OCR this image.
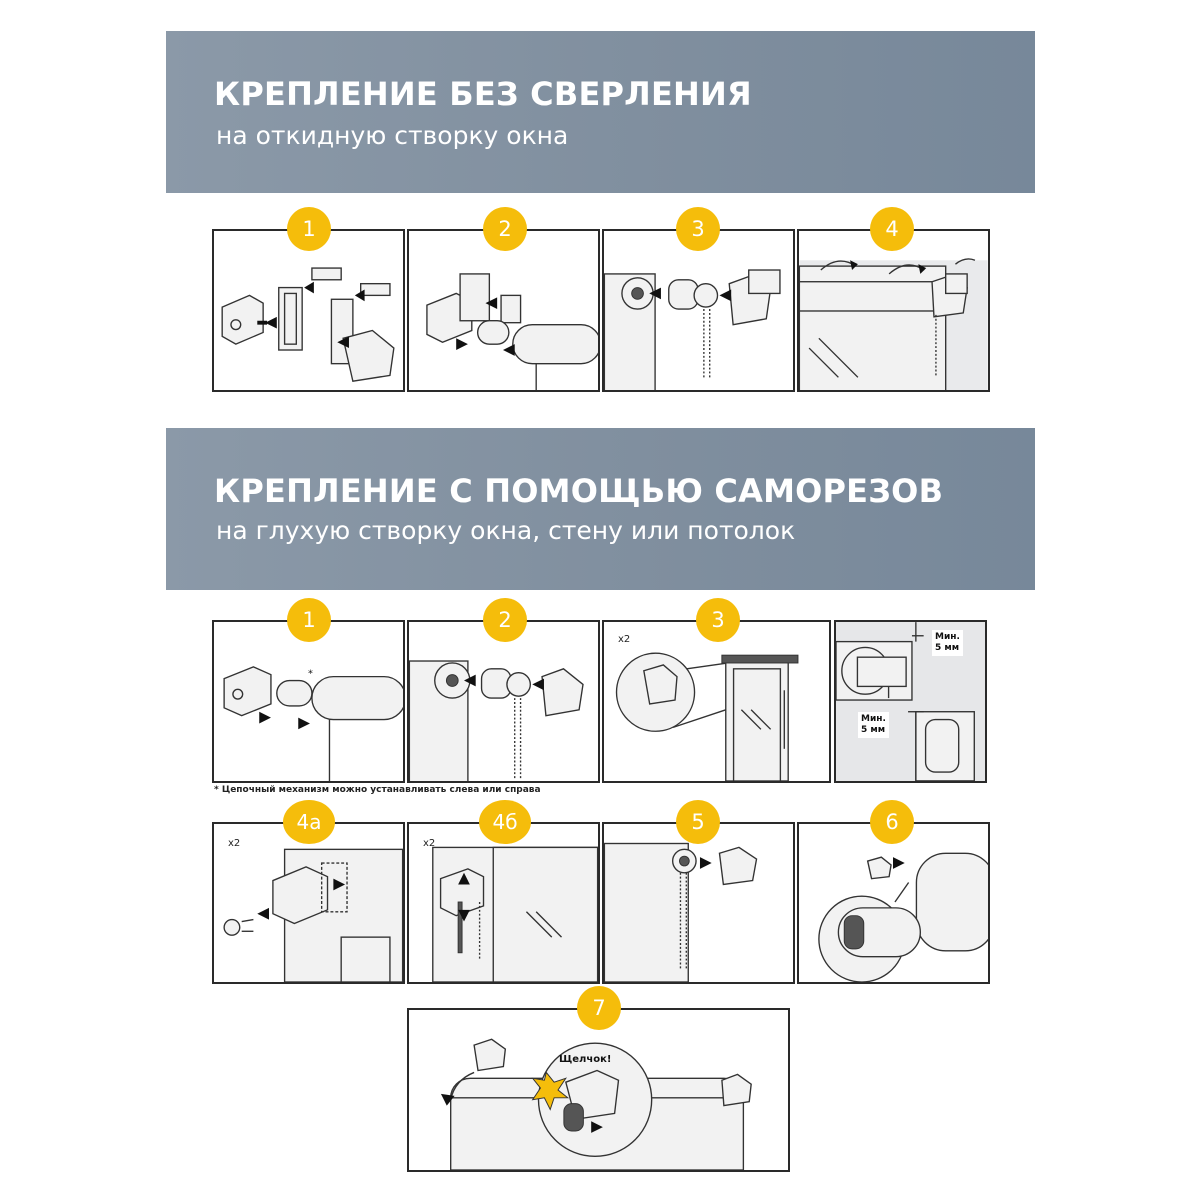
КРЕПЛЕНИЕ БЕЗ СВЕРЛЕНИЯ
на откидную створку окна
1	2	3	4
КРЕПЛЕНИЕ С ПОМОЩЬЮ САМОРЕЗОВ
на глухую створку окна, стену или потолок
*
1	2
x2
3
Мин.
5 мм
Мин.
5 мм
* Цепочный механизм можно устанавливать слева или справа
x2
4а
x2
4б	5	6
Щелчок!
7
